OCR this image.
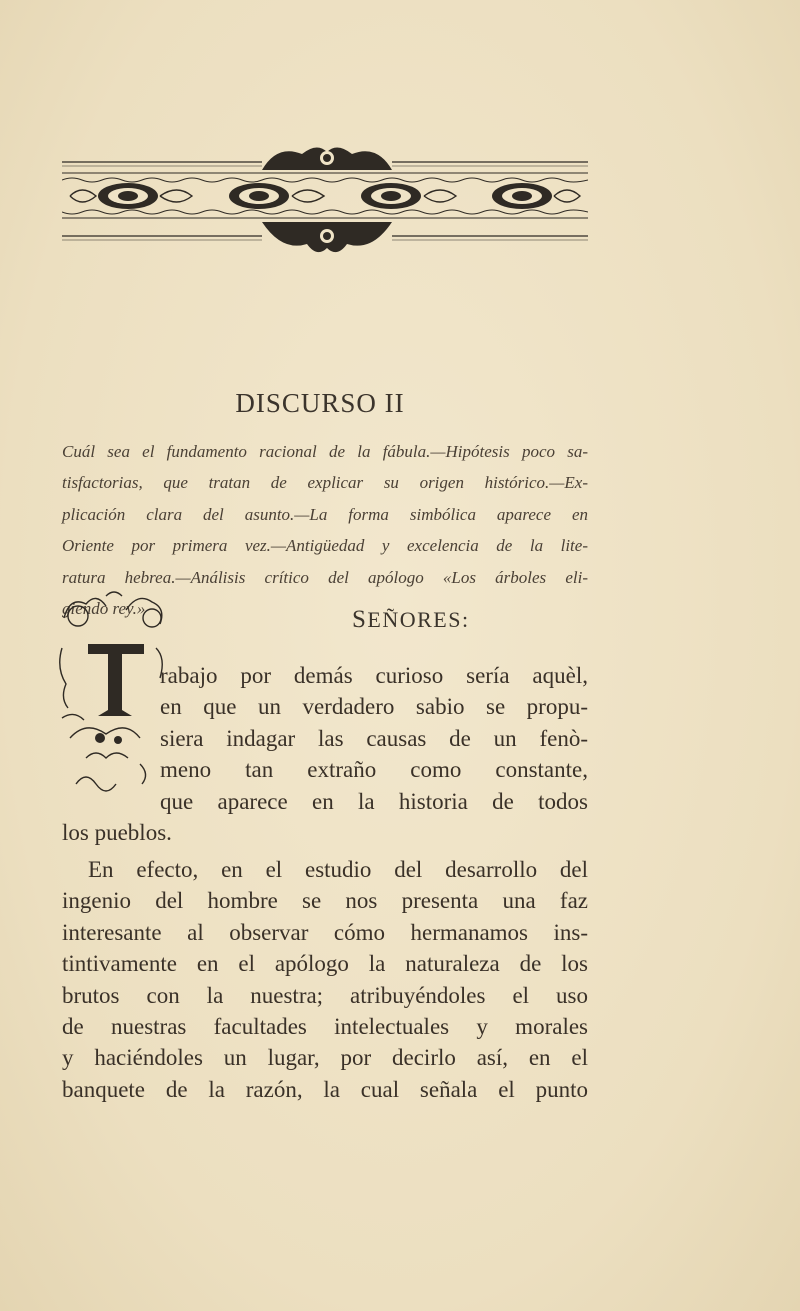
DISCURSO II
Cuál sea el fundamento racional de la fábula.—Hipótesis poco sa-
tisfactorias, que tratan de explicar su origen histórico.—Ex-
plicación clara del asunto.—La forma simbólica aparece en
Oriente por primera vez.—Antigüedad y excelencia de la lite-
ratura hebrea.—Análisis crítico del apólogo «Los árboles eli-
giendo rey.»	SEÑORES:
rabajo por demás curioso sería aquèl,
en que un verdadero sabio se propu-
siera indagar las causas de un fenò-
meno tan extraño como constante,
que aparece en la historia de todos
los pueblos.
En efecto, en el estudio del desarrollo del
ingenio del hombre se nos presenta una faz
interesante al observar cómo hermanamos ins-
tintivamente en el apólogo la naturaleza de los
brutos con la nuestra; atribuyéndoles el uso
de nuestras facultades intelectuales y morales
y haciéndoles un lugar, por decirlo así, en el
banquete de la razón, la cual señala el punto
